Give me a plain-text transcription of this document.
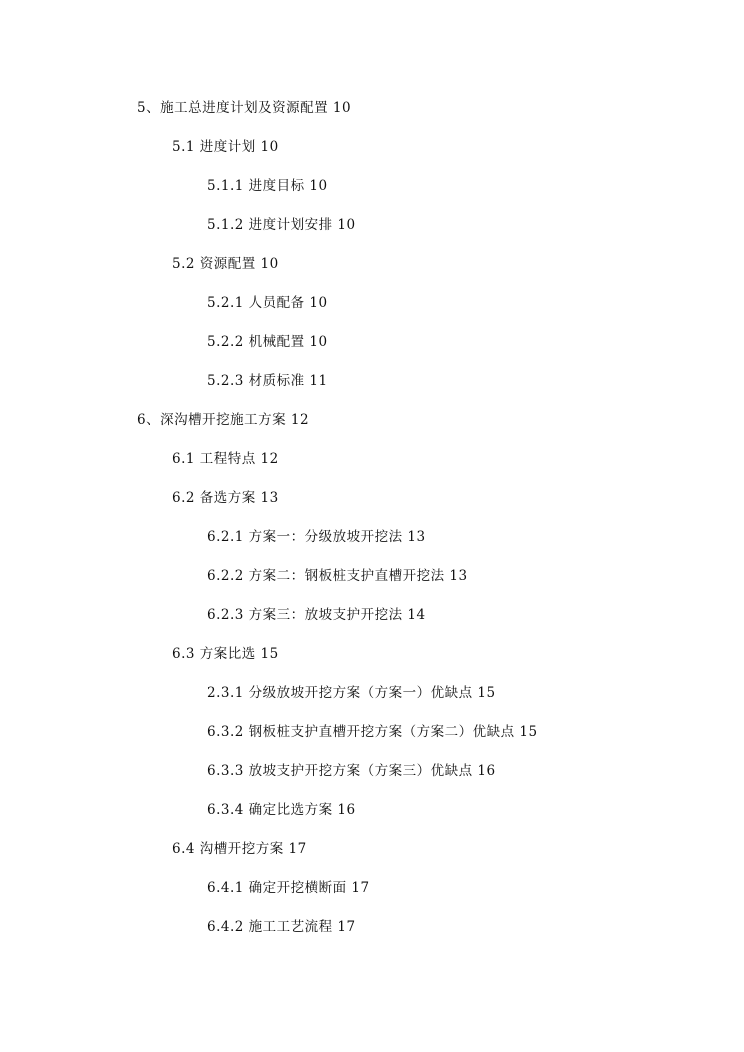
5、施工总进度计划及资源配置 10
5.1 进度计划 10
5.1.1 进度目标 10
5.1.2 进度计划安排 10
5.2 资源配置 10
5.2.1 人员配备 10
5.2.2 机械配置 10
5.2.3 材质标准 11
6、深沟槽开挖施工方案 12
6.1 工程特点 12
6.2 备选方案 13
6.2.1 方案一：分级放坡开挖法 13
6.2.2 方案二：钢板桩支护直槽开挖法 13
6.2.3 方案三：放坡支护开挖法 14
6.3 方案比选 15
2.3.1 分级放坡开挖方案（方案一）优缺点 15
6.3.2 钢板桩支护直槽开挖方案（方案二）优缺点 15
6.3.3 放坡支护开挖方案（方案三）优缺点 16
6.3.4 确定比选方案 16
6.4 沟槽开挖方案 17
6.4.1 确定开挖横断面 17
6.4.2 施工工艺流程 17
